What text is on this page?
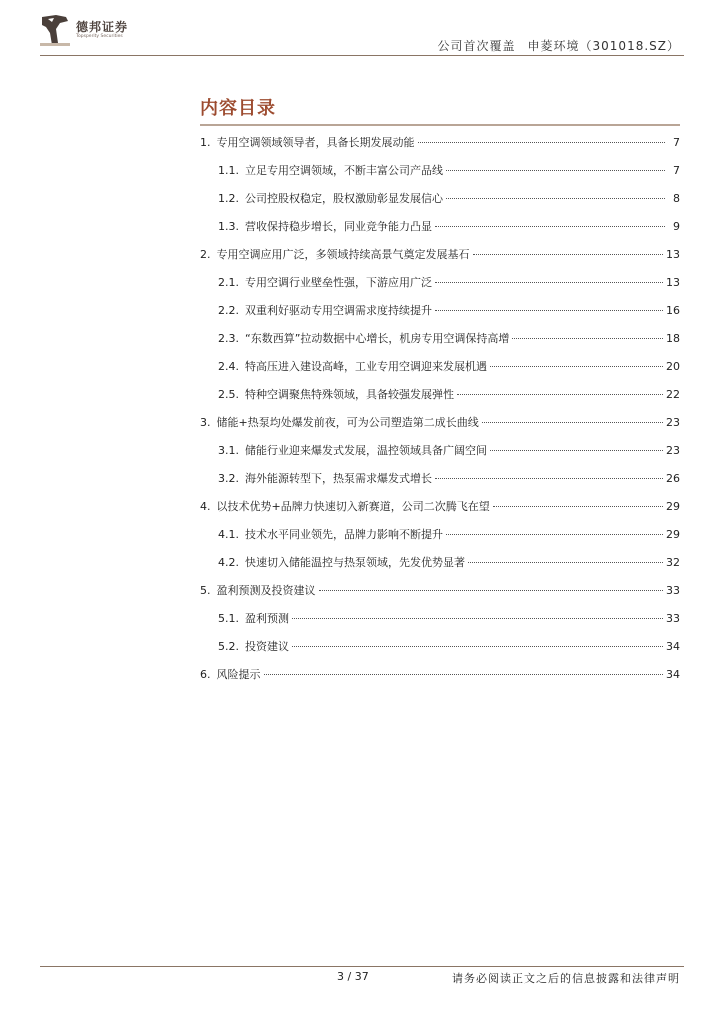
德邦证券
Topsperity Securities
公司首次覆盖 申菱环境（301018.SZ）
内容目录
1. 专用空调领域领导者，具备长期发展动能	7
1.1. 立足专用空调领域，不断丰富公司产品线	7
1.2. 公司控股权稳定，股权激励彰显发展信心	8
1.3. 营收保持稳步增长，同业竞争能力凸显	9
2. 专用空调应用广泛，多领域持续高景气奠定发展基石	13
2.1. 专用空调行业壁垒性强，下游应用广泛	13
2.2. 双重利好驱动专用空调需求度持续提升	16
2.3. “东数西算”拉动数据中心增长，机房专用空调保持高增	18
2.4. 特高压进入建设高峰，工业专用空调迎来发展机遇	20
2.5. 特种空调聚焦特殊领域，具备较强发展弹性	22
3. 储能+热泵均处爆发前夜，可为公司塑造第二成长曲线	23
3.1. 储能行业迎来爆发式发展，温控领域具备广阔空间	23
3.2. 海外能源转型下，热泵需求爆发式增长	26
4. 以技术优势+品牌力快速切入新赛道，公司二次腾飞在望	29
4.1. 技术水平同业领先，品牌力影响不断提升	29
4.2. 快速切入储能温控与热泵领域，先发优势显著	32
5. 盈利预测及投资建议	33
5.1. 盈利预测	33
5.2. 投资建议	34
6. 风险提示	34
3 / 37	请务必阅读正文之后的信息披露和法律声明
